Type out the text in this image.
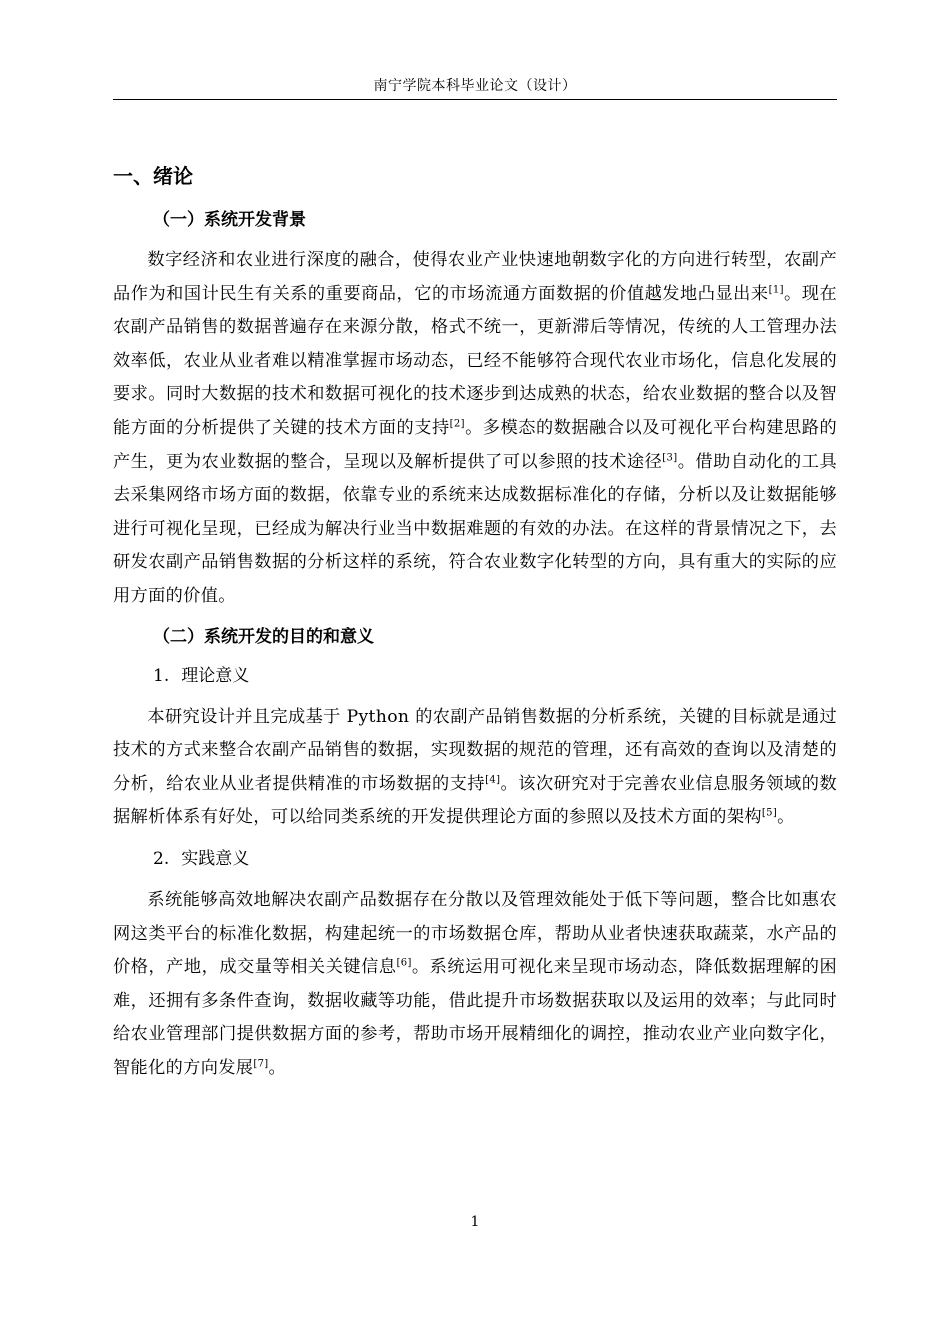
南宁学院本科毕业论文（设计）
一、绪论
（一）系统开发背景

数字经济和农业进行深度的融合，使得农业产业快速地朝数字化的方向进行转型，农副产品作为和国计民生有关系的重要商品，它的市场流通方面数据的价值越发地凸显出来[1]。现在农副产品销售的数据普遍存在来源分散，格式不统一，更新滞后等情况，传统的人工管理办法效率低，农业从业者难以精准掌握市场动态，已经不能够符合现代农业市场化，信息化发展的要求。同时大数据的技术和数据可视化的技术逐步到达成熟的状态，给农业数据的整合以及智能方面的分析提供了关键的技术方面的支持[2]。多模态的数据融合以及可视化平台构建思路的产生，更为农业数据的整合，呈现以及解析提供了可以参照的技术途径[3]。借助自动化的工具去采集网络市场方面的数据，依靠专业的系统来达成数据标准化的存储，分析以及让数据能够进行可视化呈现，已经成为解决行业当中数据难题的有效的办法。在这样的背景情况之下，去研发农副产品销售数据的分析这样的系统，符合农业数字化转型的方向，具有重大的实际的应用方面的价值。

（二）系统开发的目的和意义
1. 理论意义

本研究设计并且完成基于 Python 的农副产品销售数据的分析系统，关键的目标就是通过技术的方式来整合农副产品销售的数据，实现数据的规范的管理，还有高效的查询以及清楚的分析，给农业从业者提供精准的市场数据的支持[4]。该次研究对于完善农业信息服务领域的数据解析体系有好处，可以给同类系统的开发提供理论方面的参照以及技术方面的架构[5]。

2. 实践意义

系统能够高效地解决农副产品数据存在分散以及管理效能处于低下等问题，整合比如惠农网这类平台的标准化数据，构建起统一的市场数据仓库，帮助从业者快速获取蔬菜，水产品的价格，产地，成交量等相关关键信息[6]。系统运用可视化来呈现市场动态，降低数据理解的困难，还拥有多条件查询，数据收藏等功能，借此提升市场数据获取以及运用的效率；与此同时给农业管理部门提供数据方面的参考，帮助市场开展精细化的调控，推动农业产业向数字化，智能化的方向发展[7]。

1
